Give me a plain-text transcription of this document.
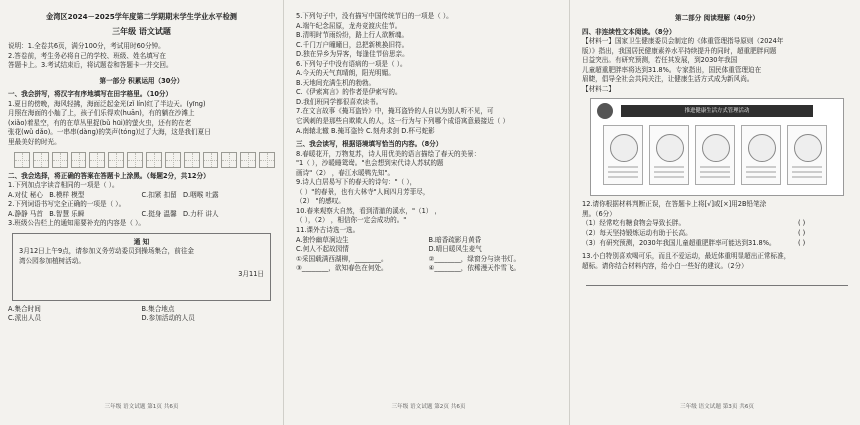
金湾区2024－2025学年度第二学期期末学生学业水平检测

三年级 语文试题

说明：1.全卷共6页，满分100分，考试用时60分钟。

2.答卷前，考生务必将自己的学校、班级、姓名填写在

答题卡上。3.考试结束后，将试题卷和答题卡一并交回。

第一部分 积累运用（30分）

一、我会拼写，将汉字有序地填写在田字格里。（10分）

1.夏日的傍晚，海风轻拂，海面泛起金光(zǐ lín)红了半边天。(yīng)

月照在海面的小舢了上，孩子们乐得欢(huān)，有的躺在沙滩上

(xiǎo)着星空，有的在草丛里捉(bǔ hūi)的萤火虫，还有的在老

张花(wǔ dǎo)。一串串(dàng)的笑声(tóng)过了大海，这是我们夏日

里最美好的时光。

二、我会选择，将正确的答案在答题卡上涂黑。（每题2分，共12分）

1.下列加点字读音相同的一项是（ ）。

A.对仗 秘心 B.模样 模型	C.扣紧 扣留 D.咽喉 吐露

2.下列词语书写完全正确的一项是（ ）。

A.静静 马首 B.智慧 乐瞬	C.挺身 温馨 D.力秆 讲人

3.班级公告栏上的通知需要补充的内容是（ ）。

通 知

3月12日上午9点，请参加义务劳动委员到操场集合，前往金

湾公园参加植树活动。

3月11日

A.集合时间	B.集合地点
C.派出人员	D.参加活动的人员
三年级 语文试题 第1页 共6页

5.下列句子中，没有描写中国传统节日的一项是（ ）。

A.端午纪念屈原，龙舟竞渡庆佳节。

B.清明时节雨纷纷，路上行人欲断魂。

C.千门万户曈曈日，总把新桃换旧符。

D.独在异乡为异客，每逢佳节倍思亲。

6.下列句子中没有语病的一项是（ ）。

A.今天的天气真晴朗，阳光明媚。

B.天地间充满生机的勃勃。

C.《伊索寓言》的作者是伊索写的。

D.我们班同学都很喜欢读书。

7.在文言故事《掩耳盗铃》中，掩耳盗铃的人自以为别人听不见，可

它讽刺的是那些自欺欺人的人，这一行为与下列哪个成语寓意最接近（ ）

A.南辕北辙 B.掩耳盗铃 C.刻舟求剑 D.杯弓蛇影

三、我会读写，根据语境填写恰当的内容。（8分）

8.春暖花开，万物复苏，诗人用优美的语言描绘了春天的美景：

"1（ ），沙暖睡鸳鸯。"也会想到宋代诗人苏轼的题

画诗"（2） ，春江水暖鸭先知"。

9.诗人白居易写下的春天的诗句："（ ），

（ ）"的春景，也有大林寺"人间四月芳菲尽，

（2） "的感叹。

10.春来观察大自然，看到清澈的溪水，"（1） ，

（ ），（2） ，相信你一定会成功的。"

11.课外古诗选一选。

A.独怜幽草涧边生	B.暗香疏影月黄昏
C.何人不起故园情	D.晴日暖风生麦气
①采国载满西湖柳，________。	②________，绿窗分与读书灯。
③________，欲知春色在何处。	④________，依稀漫天作雪飞。
三年级 语文试题 第2页 共6页

第二部分 阅读理解（40分）

四、非连续性文本阅读。（8分）

【材料一】国家卫生健康委员会制定的《体重管理指导原则（2024年

版）》指出，我国居民健康素养水平持续提升的同时，超重肥胖问题

日益突出。有研究预测，若任其发展，到2030年我国

儿童超重肥胖率将达到31.8%。专家指出，国民体重管理迫在

眉睫，倡导全社会共同关注，让健康生活方式成为新风尚。

【材料二】

推进健康生活方式管理活动

12.请你根据材料判断正误，在答题卡上将[√]或[×]用2B铅笔涂

黑。（6分）

（1）经常吃有糖食物会导致长胖。	( )
（2）每天坚持锻炼运动有助于长高。	( )
（3）有研究预测，2030年我国儿童超重肥胖率可能达到31.8%。	( )

13.小白特别喜欢喝可乐，而且不爱运动，最近体重明显超出正常标准，

超标。请你结合材料内容，给小白一些好的建议。（2分）

三年级 语文试题 第3页 共6页
